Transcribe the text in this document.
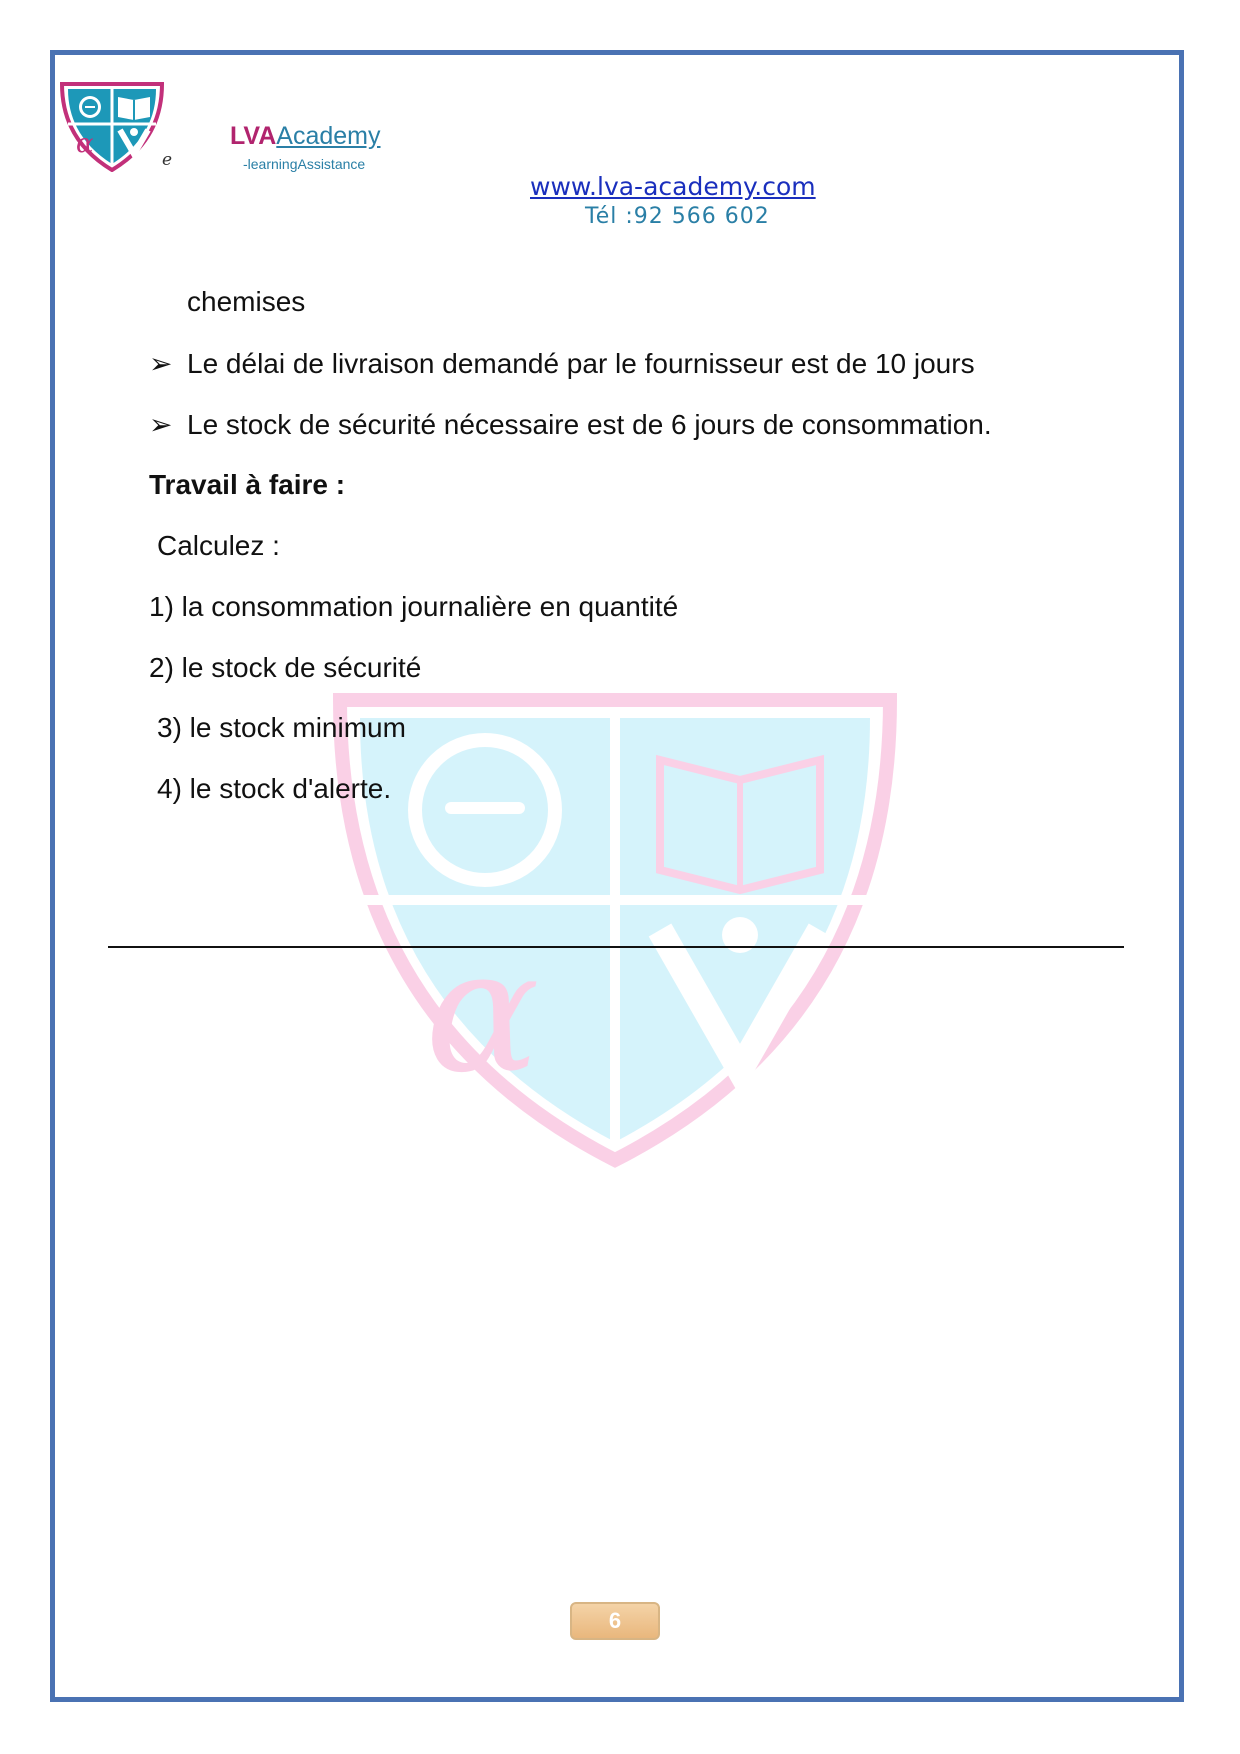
α
e
LVAAcademy
-learningAssistance
www.lva-academy.com
Tél :92 566 602
α
chemises
➢ Le délai de livraison demandé par le fournisseur est de 10 jours
➢ Le stock de sécurité nécessaire est de 6 jours de consommation.
Travail à faire :
Calculez :
1) la consommation journalière en quantité
2) le stock de sécurité
3) le stock minimum
4) le stock d'alerte.
6
